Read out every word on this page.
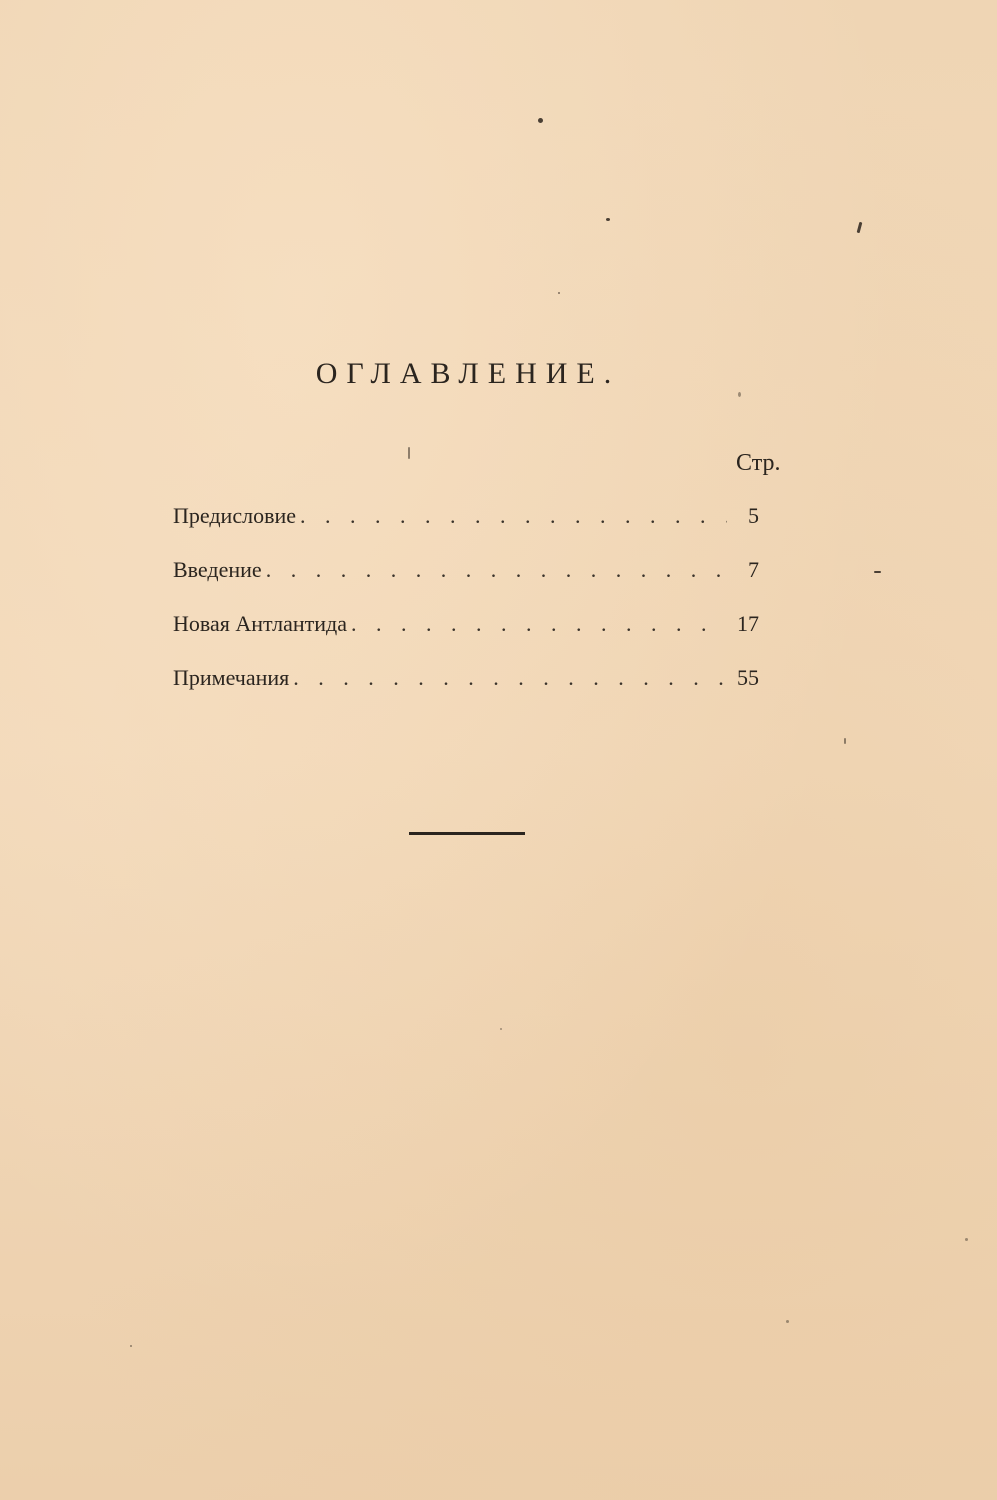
ОГЛАВЛЕНИЕ.
Стр.
Предисловие . . .	5
Введение . . .	7
Новая Антлантида . . .	17
Примечания . . .	55
